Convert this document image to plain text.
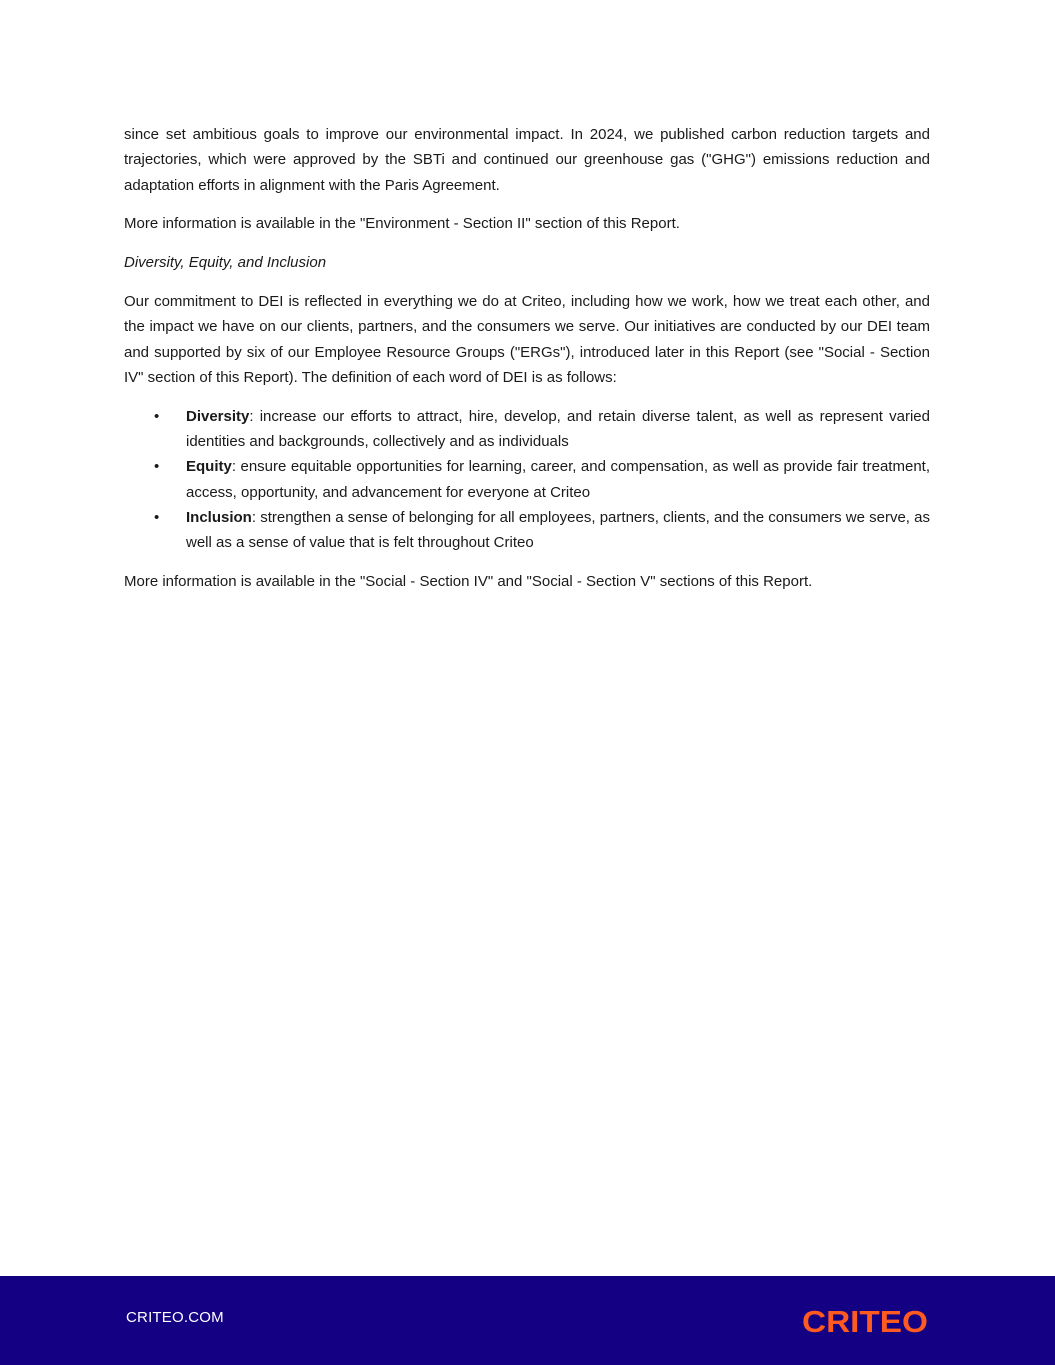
since set ambitious goals to improve our environmental impact. In 2024, we published carbon reduction targets and trajectories, which were approved by the SBTi and continued our greenhouse gas ("GHG") emissions reduction and adaptation efforts in alignment with the Paris Agreement.

More information is available in the "Environment - Section II" section of this Report.

Diversity, Equity, and Inclusion

Our commitment to DEI is reflected in everything we do at Criteo, including how we work, how we treat each other, and the impact we have on our clients, partners, and the consumers we serve. Our initiatives are conducted by our DEI team and supported by six of our Employee Resource Groups ("ERGs"), introduced later in this Report (see "Social - Section IV" section of this Report). The definition of each word of DEI is as follows:

• Diversity: increase our efforts to attract, hire, develop, and retain diverse talent, as well as represent varied identities and backgrounds, collectively and as individuals
• Equity: ensure equitable opportunities for learning, career, and compensation, as well as provide fair treatment, access, opportunity, and advancement for everyone at Criteo
• Inclusion: strengthen a sense of belonging for all employees, partners, clients, and the consumers we serve, as well as a sense of value that is felt throughout Criteo

More information is available in the "Social - Section IV" and "Social - Section V" sections of this Report.

CRITEO.COM	CRITEO
